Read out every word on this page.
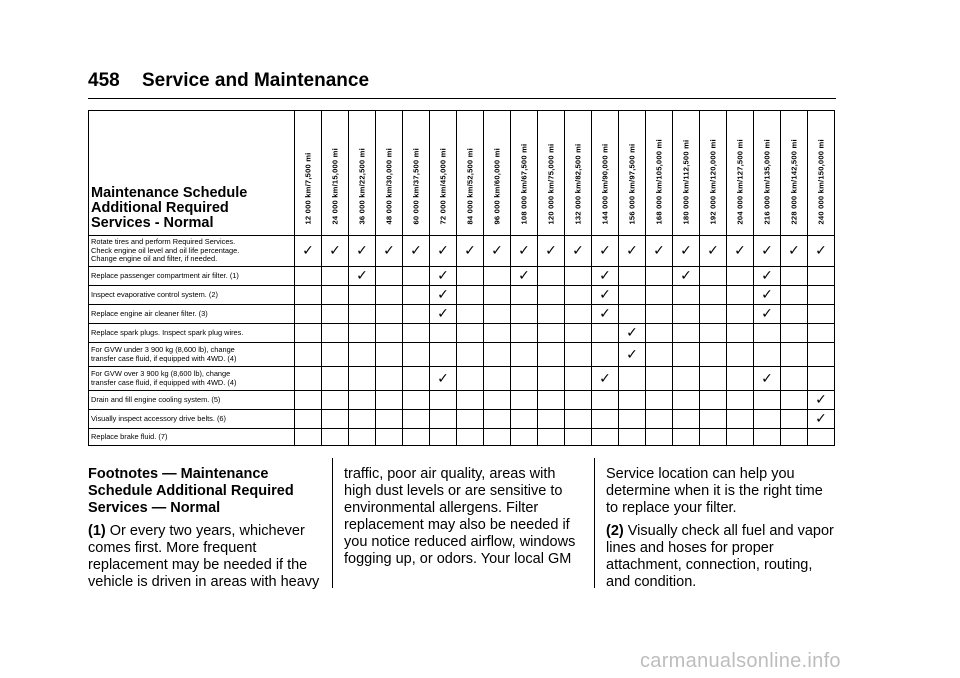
458 Service and Maintenance
Maintenance Schedule
Additional Required
Services - Normal	12 000 km/7,500 mi	24 000 km/15,000 mi	36 000 km/22,500 mi	48 000 km/30,000 mi	60 000 km/37,500 mi	72 000 km/45,000 mi	84 000 km/52,500 mi	96 000 km/60,000 mi	108 000 km/67,500 mi	120 000 km/75,000 mi	132 000 km/82,500 mi	144 000 km/90,000 mi	156 000 km/97,500 mi	168 000 km/105,000 mi	180 000 km/112,500 mi	192 000 km/120,000 mi	204 000 km/127,500 mi	216 000 km/135,000 mi	228 000 km/142,500 mi	240 000 km/150,000 mi

Rotate tires and perform Required Services.
Check engine oil level and oil life percentage.
Change engine oil and filter, if needed.	✓	✓	✓	✓	✓	✓	✓	✓	✓	✓	✓	✓	✓	✓	✓	✓	✓	✓	✓	✓
Replace passenger compartment air filter. (1)			✓			✓			✓			✓			✓			✓		
Inspect evaporative control system. (2)						✓						✓						✓		
Replace engine air cleaner filter. (3)						✓						✓						✓		
Replace spark plugs. Inspect spark plug wires.													✓							
For GVW under 3 900 kg (8,600 lb), change
transfer case fluid, if equipped with 4WD. (4)													✓							
For GVW over 3 900 kg (8,600 lb), change
transfer case fluid, if equipped with 4WD. (4)						✓						✓						✓		
Drain and fill engine cooling system. (5)																				✓
Visually inspect accessory drive belts. (6)																				✓
Replace brake fluid. (7)																				

Footnotes — Maintenance
Schedule Additional Required
Services — Normal

(1) Or every two years, whichever comes first. More frequent replacement may be needed if the vehicle is driven in areas with heavy

traffic, poor air quality, areas with high dust levels or are sensitive to environmental allergens. Filter replacement may also be needed if you notice reduced airflow, windows fogging up, or odors. Your local GM

Service location can help you determine when it is the right time to replace your filter.

(2) Visually check all fuel and vapor lines and hoses for proper attachment, connection, routing, and condition.

carmanualsonline.info
